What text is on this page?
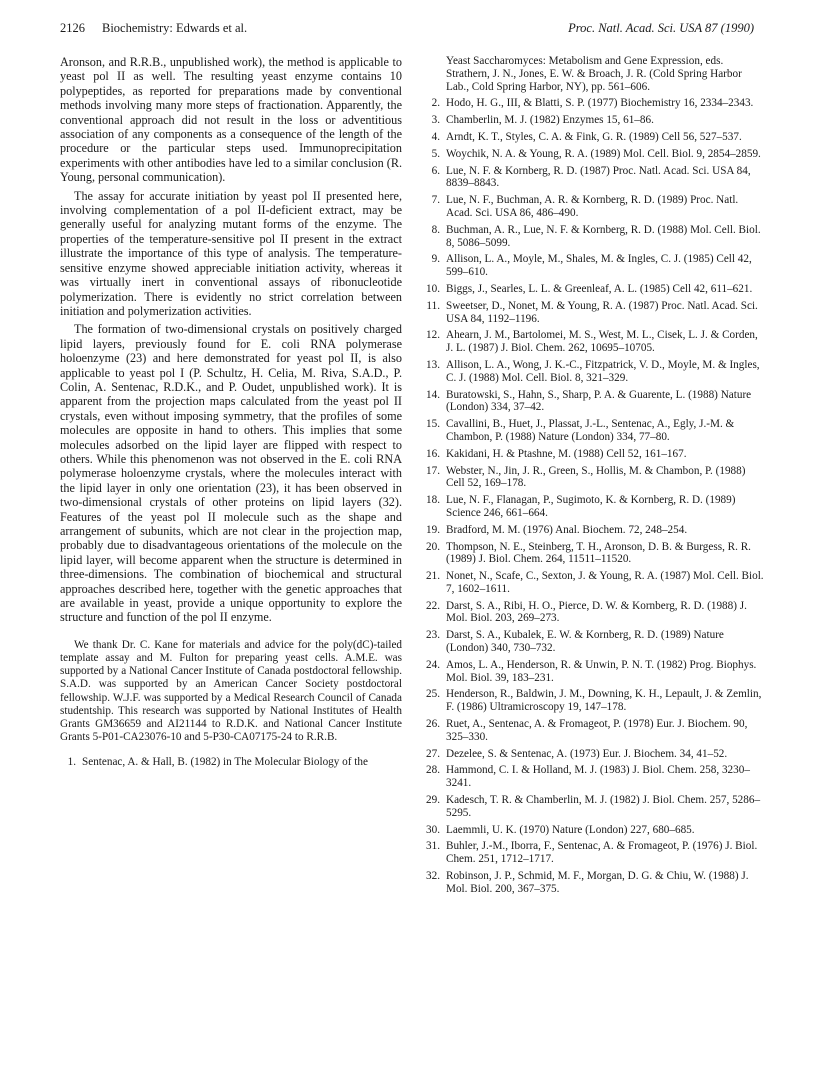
2126 Biochemistry: Edwards et al.	Proc. Natl. Acad. Sci. USA 87 (1990)

Aronson, and R.R.B., unpublished work), the method is applicable to yeast pol II as well. The resulting yeast enzyme contains 10 polypeptides, as reported for preparations made by conventional methods involving many more steps of fractionation. Apparently, the conventional approach did not result in the loss or adventitious association of any components as a consequence of the length of the procedure or the particular steps used. Immunoprecipitation experiments with other antibodies have led to a similar conclusion (R. Young, personal communication).

The assay for accurate initiation by yeast pol II presented here, involving complementation of a pol II-deficient extract, may be generally useful for analyzing mutant forms of the enzyme. The properties of the temperature-sensitive pol II present in the extract illustrate the importance of this type of analysis. The temperature-sensitive enzyme showed appreciable initiation activity, whereas it was virtually inert in conventional assays of ribonucleotide polymerization. There is evidently no strict correlation between initiation and polymerization activities.

The formation of two-dimensional crystals on positively charged lipid layers, previously found for E. coli RNA polymerase holoenzyme (23) and here demonstrated for yeast pol II, is also applicable to yeast pol I (P. Schultz, H. Celia, M. Riva, S.A.D., P. Colin, A. Sentenac, R.D.K., and P. Oudet, unpublished work). It is apparent from the projection maps calculated from the yeast pol II crystals, even without imposing symmetry, that the profiles of some molecules are opposite in hand to others. This implies that some molecules adsorbed on the lipid layer are flipped with respect to others. While this phenomenon was not observed in the E. coli RNA polymerase holoenzyme crystals, where the molecules interact with the lipid layer in only one orientation (23), it has been observed in two-dimensional crystals of other proteins on lipid layers (32). Features of the yeast pol II molecule such as the shape and arrangement of subunits, which are not clear in the projection map, probably due to disadvantageous orientations of the molecule on the lipid layer, will become apparent when the structure is determined in three-dimensions. The combination of biochemical and structural approaches described here, together with the genetic approaches that are available in yeast, provide a unique opportunity to explore the structure and function of the pol II enzyme.

We thank Dr. C. Kane for materials and advice for the poly(dC)-tailed template assay and M. Fulton for preparing yeast cells. A.M.E. was supported by a National Cancer Institute of Canada postdoctoral fellowship. S.A.D. was supported by an American Cancer Society postdoctoral fellowship. W.J.F. was supported by a Medical Research Council of Canada studentship. This research was supported by National Institutes of Health Grants GM36659 and AI21144 to R.D.K. and National Cancer Institute Grants 5-P01-CA23076-10 and 5-P30-CA07175-24 to R.R.B.

1. Sentenac, A. & Hall, B. (1982) in The Molecular Biology of the
Yeast Saccharomyces: Metabolism and Gene Expression, eds. Strathern, J. N., Jones, E. W. & Broach, J. R. (Cold Spring Harbor Lab., Cold Spring Harbor, NY), pp. 561–606.
2. Hodo, H. G., III, & Blatti, S. P. (1977) Biochemistry 16, 2334–2343.
3. Chamberlin, M. J. (1982) Enzymes 15, 61–86.
4. Arndt, K. T., Styles, C. A. & Fink, G. R. (1989) Cell 56, 527–537.
5. Woychik, N. A. & Young, R. A. (1989) Mol. Cell. Biol. 9, 2854–2859.
6. Lue, N. F. & Kornberg, R. D. (1987) Proc. Natl. Acad. Sci. USA 84, 8839–8843.
7. Lue, N. F., Buchman, A. R. & Kornberg, R. D. (1989) Proc. Natl. Acad. Sci. USA 86, 486–490.
8. Buchman, A. R., Lue, N. F. & Kornberg, R. D. (1988) Mol. Cell. Biol. 8, 5086–5099.
9. Allison, L. A., Moyle, M., Shales, M. & Ingles, C. J. (1985) Cell 42, 599–610.
10. Biggs, J., Searles, L. L. & Greenleaf, A. L. (1985) Cell 42, 611–621.
11. Sweetser, D., Nonet, M. & Young, R. A. (1987) Proc. Natl. Acad. Sci. USA 84, 1192–1196.
12. Ahearn, J. M., Bartolomei, M. S., West, M. L., Cisek, L. J. & Corden, J. L. (1987) J. Biol. Chem. 262, 10695–10705.
13. Allison, L. A., Wong, J. K.-C., Fitzpatrick, V. D., Moyle, M. & Ingles, C. J. (1988) Mol. Cell. Biol. 8, 321–329.
14. Buratowski, S., Hahn, S., Sharp, P. A. & Guarente, L. (1988) Nature (London) 334, 37–42.
15. Cavallini, B., Huet, J., Plassat, J.-L., Sentenac, A., Egly, J.-M. & Chambon, P. (1988) Nature (London) 334, 77–80.
16. Kakidani, H. & Ptashne, M. (1988) Cell 52, 161–167.
17. Webster, N., Jin, J. R., Green, S., Hollis, M. & Chambon, P. (1988) Cell 52, 169–178.
18. Lue, N. F., Flanagan, P., Sugimoto, K. & Kornberg, R. D. (1989) Science 246, 661–664.
19. Bradford, M. M. (1976) Anal. Biochem. 72, 248–254.
20. Thompson, N. E., Steinberg, T. H., Aronson, D. B. & Burgess, R. R. (1989) J. Biol. Chem. 264, 11511–11520.
21. Nonet, N., Scafe, C., Sexton, J. & Young, R. A. (1987) Mol. Cell. Biol. 7, 1602–1611.
22. Darst, S. A., Ribi, H. O., Pierce, D. W. & Kornberg, R. D. (1988) J. Mol. Biol. 203, 269–273.
23. Darst, S. A., Kubalek, E. W. & Kornberg, R. D. (1989) Nature (London) 340, 730–732.
24. Amos, L. A., Henderson, R. & Unwin, P. N. T. (1982) Prog. Biophys. Mol. Biol. 39, 183–231.
25. Henderson, R., Baldwin, J. M., Downing, K. H., Lepault, J. & Zemlin, F. (1986) Ultramicroscopy 19, 147–178.
26. Ruet, A., Sentenac, A. & Fromageot, P. (1978) Eur. J. Biochem. 90, 325–330.
27. Dezelee, S. & Sentenac, A. (1973) Eur. J. Biochem. 34, 41–52.
28. Hammond, C. I. & Holland, M. J. (1983) J. Biol. Chem. 258, 3230–3241.
29. Kadesch, T. R. & Chamberlin, M. J. (1982) J. Biol. Chem. 257, 5286–5295.
30. Laemmli, U. K. (1970) Nature (London) 227, 680–685.
31. Buhler, J.-M., Iborra, F., Sentenac, A. & Fromageot, P. (1976) J. Biol. Chem. 251, 1712–1717.
32. Robinson, J. P., Schmid, M. F., Morgan, D. G. & Chiu, W. (1988) J. Mol. Biol. 200, 367–375.
